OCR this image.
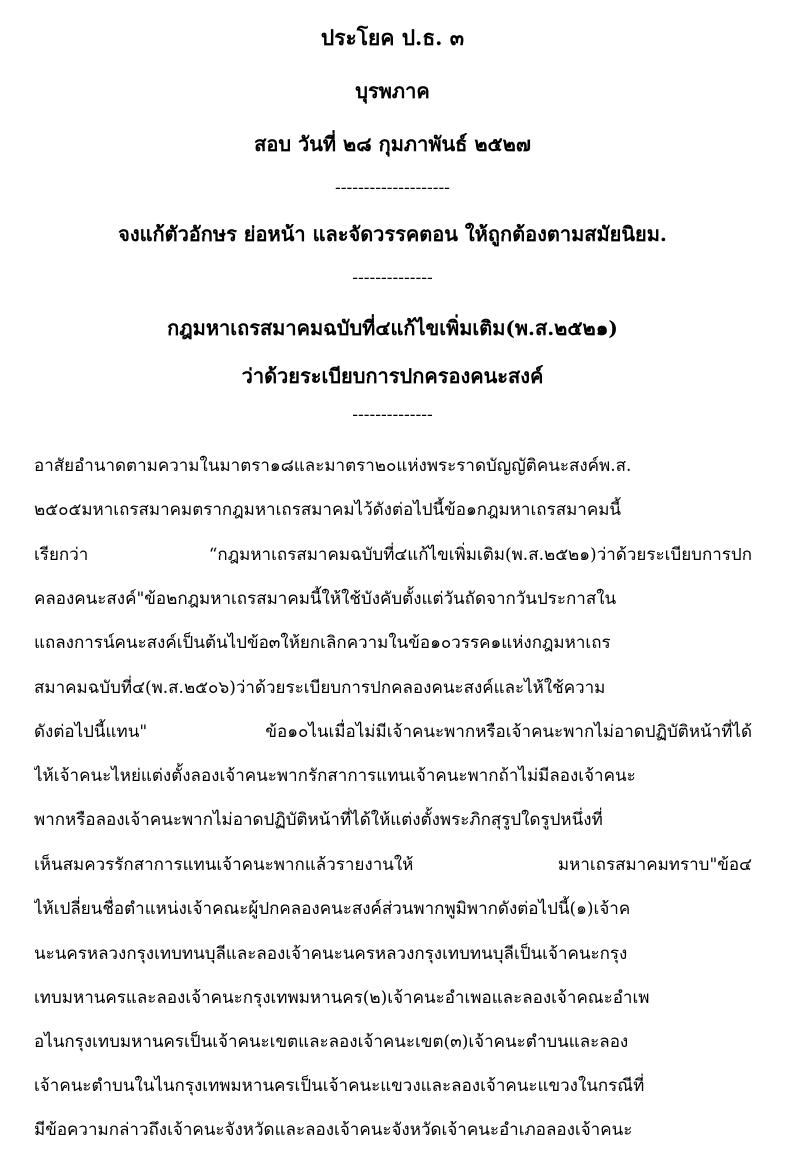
ประโยค ป.ธ. ๓
บุรพภาค
สอบ วันที่ ๒๘ กุมภาพันธ์ ๒๕๒๗
--------------------
จงแก้ตัวอักษร ย่อหน้า และจัดวรรคตอน ให้ถูกต้องตามสมัยนิยม.
--------------
กฎมหาเถรสมาคมฉบับที่๔แก้ไขเพิ่มเติม(พ.ส.๒๕๒๑)
ว่าด้วยระเบียบการปกครองคนะสงค์
--------------
อาสัยอำนาดตามความในมาตรา๑๘และมาตรา๒๐แห่งพระราดบัญญัติคนะสงค์พ.ส.
๒๕๐๕มหาเถรสมาคมตรากฎมหาเถรสมาคมไว้ดังต่อไปนี้ข้อ๑กฎมหาเถรสมาคมนี้
เรียกว่า “กฎมหาเถรสมาคมฉบับที่๔แก้ไขเพิ่มเติม(พ.ส.๒๕๒๑)ว่าด้วยระเบียบการปก
คลองคนะสงค์"ข้อ๒กฎมหาเถรสมาคมนี้ให้ใช้บังคับตั้งแต่วันถัดจากวันประกาสใน
แถลงการน์คนะสงค์เป็นต้นไปข้อ๓ให้ยกเลิกความในข้อ๑๐วรรค๑แห่งกฎมหาเถร
สมาคมฉบับที่๔(พ.ส.๒๕๐๖)ว่าด้วยระเบียบการปกคลองคนะสงค์และไห้ใช้ความ
ดังต่อไปนี้แทน" ข้อ๑๐ไนเมื่อไม่มีเจ้าคนะพากหรือเจ้าคนะพากไม่อาดปฏิบัติหน้าที่ได้
ไห้เจ้าคนะไหย่แต่งตั้งลองเจ้าคนะพากรักสาการแทนเจ้าคนะพากถ้าไม่มีลองเจ้าคนะ
พากหรือลองเจ้าคนะพากไม่อาดปฏิบัติหน้าที่ได้ให้แต่งตั้งพระภิกสุรูปใดรูปหนึ่งที่
เห็นสมควรรักสาการแทนเจ้าคนะพากแล้วรายงานให้ มหาเถรสมาคมทราบ"ข้อ๔
ไห้เปลี่ยนชื่อตำแหน่งเจ้าคณะผู้ปกคลองคนะสงค์ส่วนพากพูมิพากดังต่อไปนี้(๑)เจ้าค
นะนครหลวงกรุงเทบทนบุลีและลองเจ้าคนะนครหลวงกรุงเทบทนบุลีเป็นเจ้าคนะกรุง
เทบมหานครและลองเจ้าคนะกรุงเทพมหานคร(๒)เจ้าคนะอำเพอและลองเจ้าคณะอำเพ
อไนกรุงเทบมหานครเป็นเจ้าคนะเขตและลองเจ้าคนะเขต(๓)เจ้าคนะตำบนและลอง
เจ้าคนะตำบนในไนกรุงเทพมหานครเป็นเจ้าคนะแขวงและลองเจ้าคนะแขวงในกรณีที่
มีข้อความกล่าวถึงเจ้าคนะจังหวัดและลองเจ้าคนะจังหวัดเจ้าคนะอำเภอลองเจ้าคนะ
